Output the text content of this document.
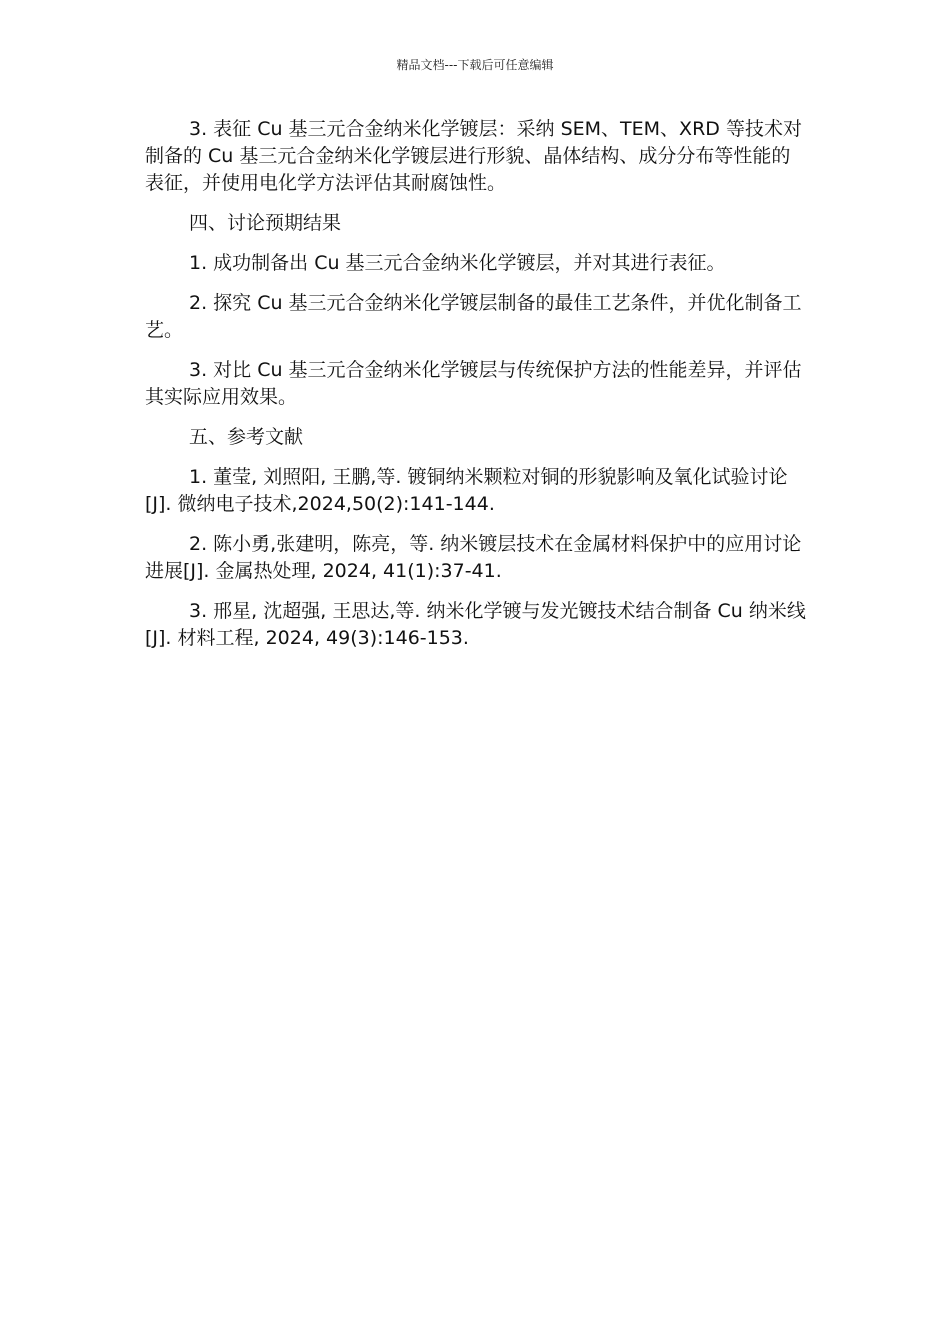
精品文档---下载后可任意编辑

3. 表征 Cu 基三元合金纳米化学镀层：采纳 SEM、TEM、XRD 等技术对制备的 Cu 基三元合金纳米化学镀层进行形貌、晶体结构、成分分布等性能的表征，并使用电化学方法评估其耐腐蚀性。

四、讨论预期结果

1. 成功制备出 Cu 基三元合金纳米化学镀层，并对其进行表征。

2. 探究 Cu 基三元合金纳米化学镀层制备的最佳工艺条件，并优化制备工艺。

3. 对比 Cu 基三元合金纳米化学镀层与传统保护方法的性能差异，并评估其实际应用效果。

五、参考文献

1. 董莹, 刘照阳, 王鹏,等. 镀铜纳米颗粒对铜的形貌影响及氧化试验讨论[J]. 微纳电子技术,2024,50(2):141-144.

2. 陈小勇,张建明，陈亮，等. 纳米镀层技术在金属材料保护中的应用讨论进展[J]. 金属热处理, 2024, 41(1):37-41.

3. 邢星, 沈超强, 王思达,等. 纳米化学镀与发光镀技术结合制备 Cu 纳米线[J]. 材料工程, 2024, 49(3):146-153.
